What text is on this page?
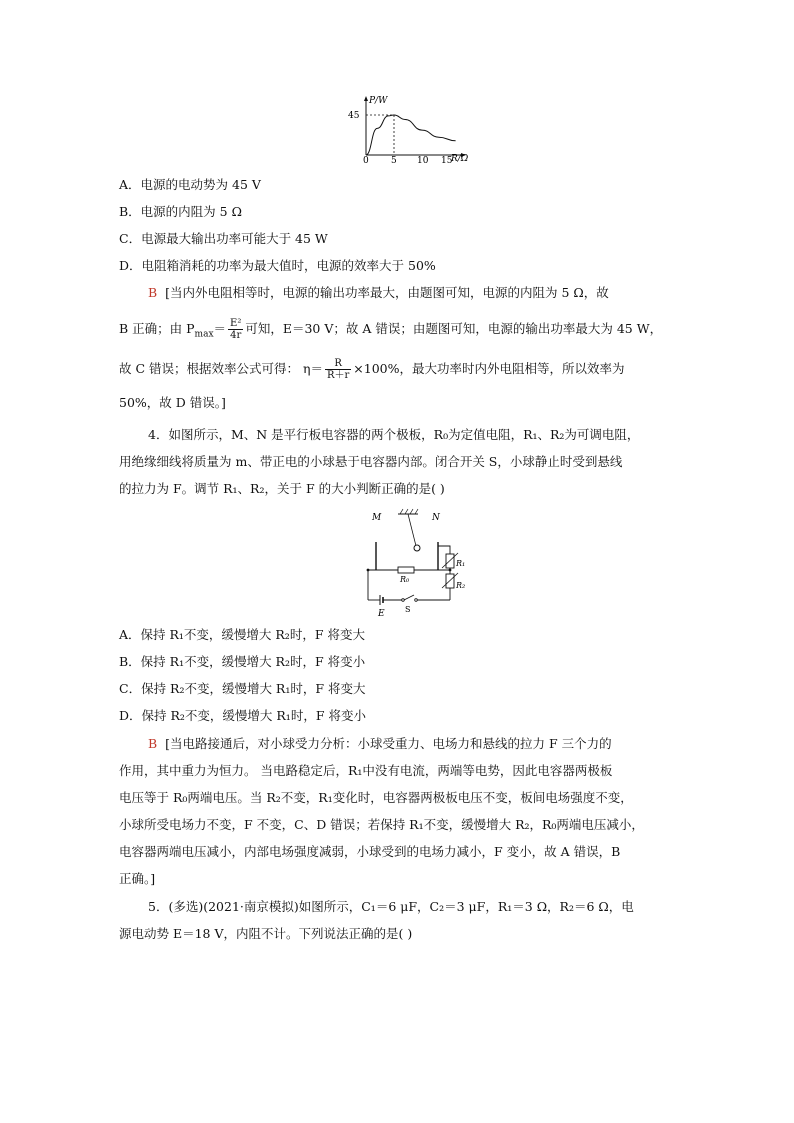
P/W
R/Ω
45
0 5 10 15
A．电源的电动势为 45 V
B．电源的内阻为 5 Ω
C．电源最大输出功率可能大于 45 W
D．电阻箱消耗的功率为最大值时，电源的效率大于 50%
B [当内外电阻相等时，电源的输出功率最大，由题图可知，电源的内阻为 5 Ω，故
B 正确；由 $P_{max}= \frac{\text{E²}}{4r}$ 可知，E＝30 V；故 A 错误；由题图可知，电源的输出功率最大为 45 W，
故 C 错误；根据效率公式可得： $\eta= \frac{R}{R+r} \times 100\%$，最大功率时内外电阻相等，所以效率为
50%，故 D 错误。]
4．如图所示，M、N 是平行板电容器的两个极板，R₀为定值电阻，R₁、R₂为可调电阻，
用绝缘细线将质量为 m、带正电的小球悬于电容器内部。闭合开关 S，小球静止时受到悬线
的拉力为 F。调节 R₁、R₂，关于 F 的大小判断正确的是( )
M	N
R₁
R₂
R₀
E	S
A．保持 R₁不变，缓慢增大 R₂时，F 将变大
B．保持 R₁不变，缓慢增大 R₂时，F 将变小
C．保持 R₂不变，缓慢增大 R₁时，F 将变大
D．保持 R₂不变，缓慢增大 R₁时，F 将变小
B [当电路接通后，对小球受力分析：小球受重力、电场力和悬线的拉力 F 三个力的
作用，其中重力为恒力。 当电路稳定后，R₁中没有电流，两端等电势，因此电容器两极板
电压等于 R₀两端电压。当 R₂不变，R₁变化时，电容器两极板电压不变，板间电场强度不变，
小球所受电场力不变，F 不变，C、D 错误；若保持 R₁不变，缓慢增大 R₂，R₀两端电压减小，
电容器两端电压减小，内部电场强度减弱，小球受到的电场力减小，F 变小，故 A 错误，B
正确。]
5．(多选)(2021·南京模拟)如图所示，C₁＝6 μF，C₂＝3 μF，R₁＝3 Ω，R₂＝6 Ω，电
源电动势 E＝18 V，内阻不计。下列说法正确的是( )
